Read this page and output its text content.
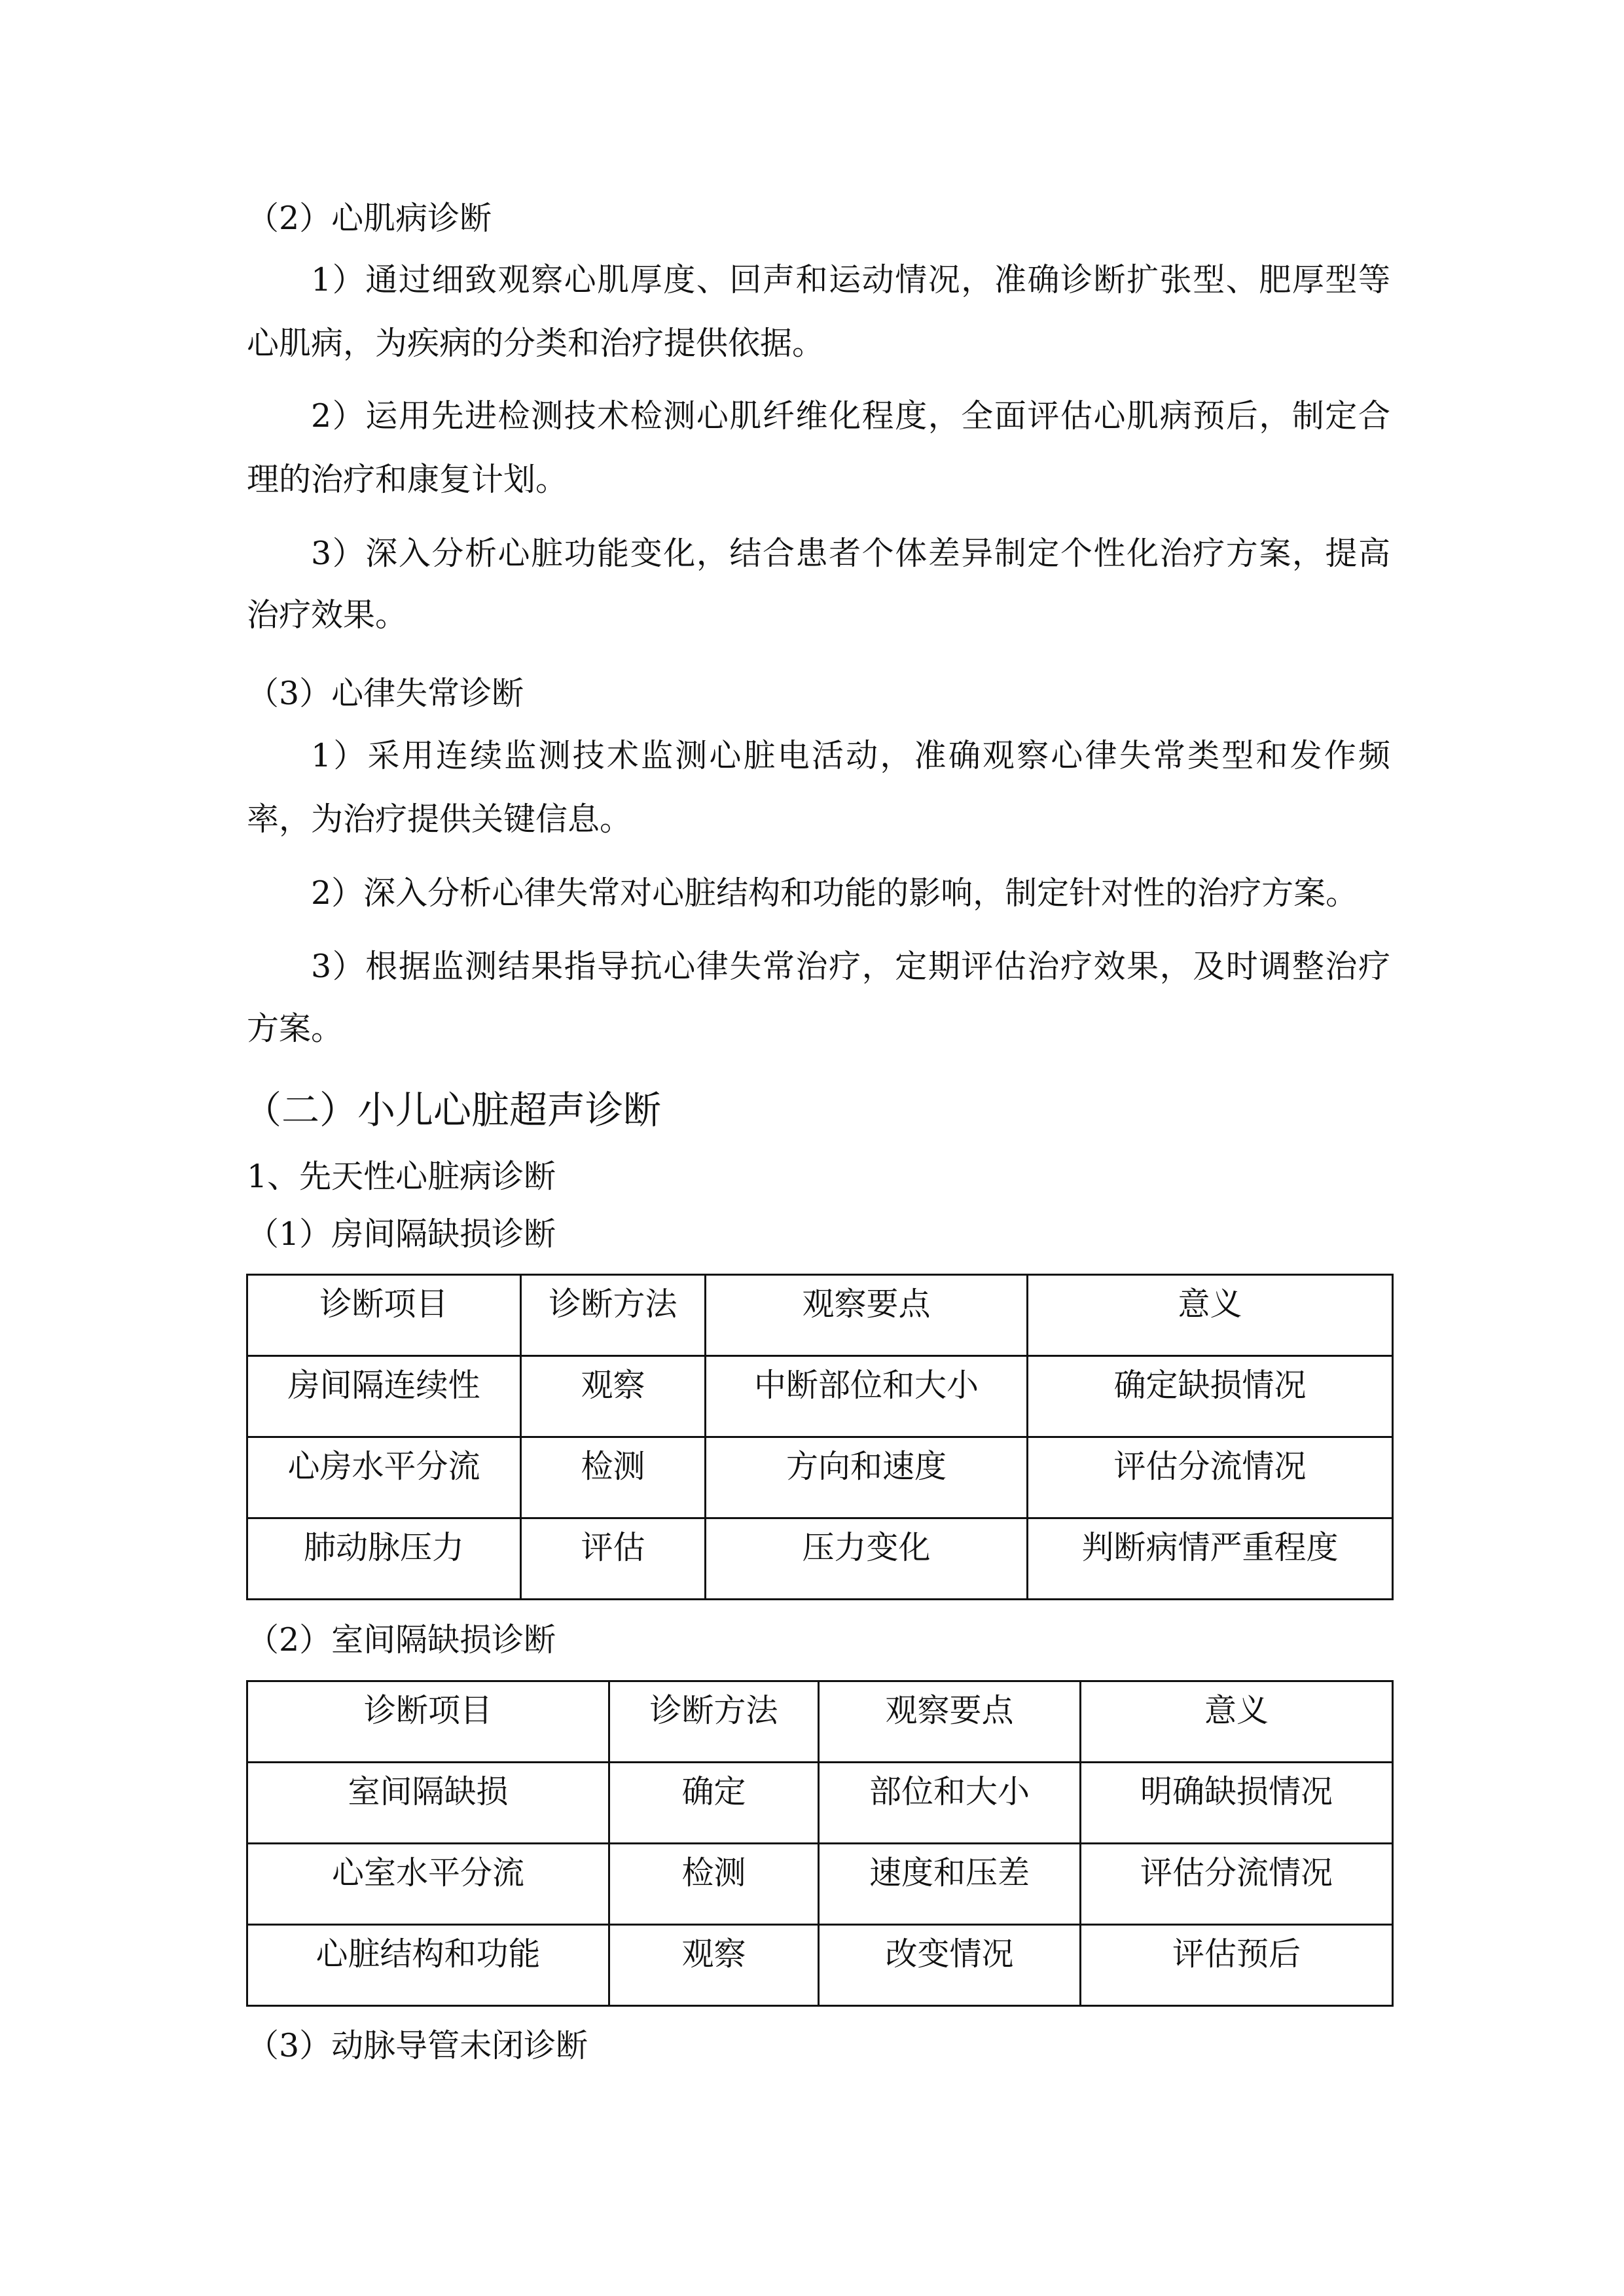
（2）心肌病诊断
1）通过细致观察心肌厚度、回声和运动情况，准确诊断扩张型、肥厚型等
心肌病，为疾病的分类和治疗提供依据。
2）运用先进检测技术检测心肌纤维化程度，全面评估心肌病预后，制定合
理的治疗和康复计划。
3）深入分析心脏功能变化，结合患者个体差异制定个性化治疗方案，提高
治疗效果。
（3）心律失常诊断
1）采用连续监测技术监测心脏电活动，准确观察心律失常类型和发作频
率，为治疗提供关键信息。
2）深入分析心律失常对心脏结构和功能的影响，制定针对性的治疗方案。
3）根据监测结果指导抗心律失常治疗，定期评估治疗效果，及时调整治疗
方案。
（二）小儿心脏超声诊断
1、先天性心脏病诊断
（1）房间隔缺损诊断
诊断项目	诊断方法	观察要点	意义
房间隔连续性	观察	中断部位和大小	确定缺损情况
心房水平分流	检测	方向和速度	评估分流情况
肺动脉压力	评估	压力变化	判断病情严重程度
（2）室间隔缺损诊断
诊断项目	诊断方法	观察要点	意义
室间隔缺损	确定	部位和大小	明确缺损情况
心室水平分流	检测	速度和压差	评估分流情况
心脏结构和功能	观察	改变情况	评估预后
（3）动脉导管未闭诊断
